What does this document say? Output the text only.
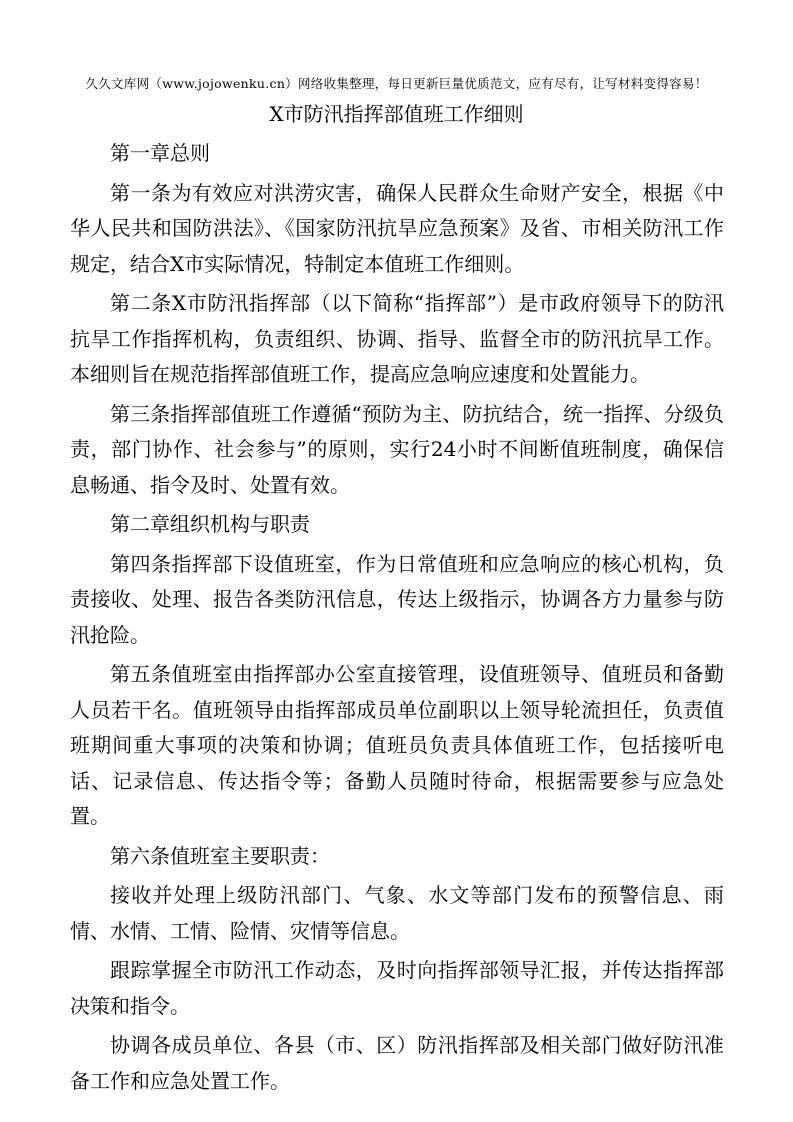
久久文库网（www.jojowenku.cn）网络收集整理，每日更新巨量优质范文，应有尽有，让写材料变得容易！
X市防汛指挥部值班工作细则

第一章总则

第一条为有效应对洪涝灾害，确保人民群众生命财产安全，根据《中华人民共和国防洪法》、《国家防汛抗旱应急预案》及省、市相关防汛工作规定，结合X市实际情况，特制定本值班工作细则。

第二条X市防汛指挥部（以下简称“指挥部”）是市政府领导下的防汛抗旱工作指挥机构，负责组织、协调、指导、监督全市的防汛抗旱工作。本细则旨在规范指挥部值班工作，提高应急响应速度和处置能力。

第三条指挥部值班工作遵循“预防为主、防抗结合，统一指挥、分级负责，部门协作、社会参与”的原则，实行24小时不间断值班制度，确保信息畅通、指令及时、处置有效。

第二章组织机构与职责

第四条指挥部下设值班室，作为日常值班和应急响应的核心机构，负责接收、处理、报告各类防汛信息，传达上级指示，协调各方力量参与防汛抢险。

第五条值班室由指挥部办公室直接管理，设值班领导、值班员和备勤人员若干名。值班领导由指挥部成员单位副职以上领导轮流担任，负责值班期间重大事项的决策和协调；值班员负责具体值班工作，包括接听电话、记录信息、传达指令等；备勤人员随时待命，根据需要参与应急处置。

第六条值班室主要职责：

接收并处理上级防汛部门、气象、水文等部门发布的预警信息、雨情、水情、工情、险情、灾情等信息。

跟踪掌握全市防汛工作动态，及时向指挥部领导汇报，并传达指挥部决策和指令。

协调各成员单位、各县（市、区）防汛指挥部及相关部门做好防汛准备工作和应急处置工作。
